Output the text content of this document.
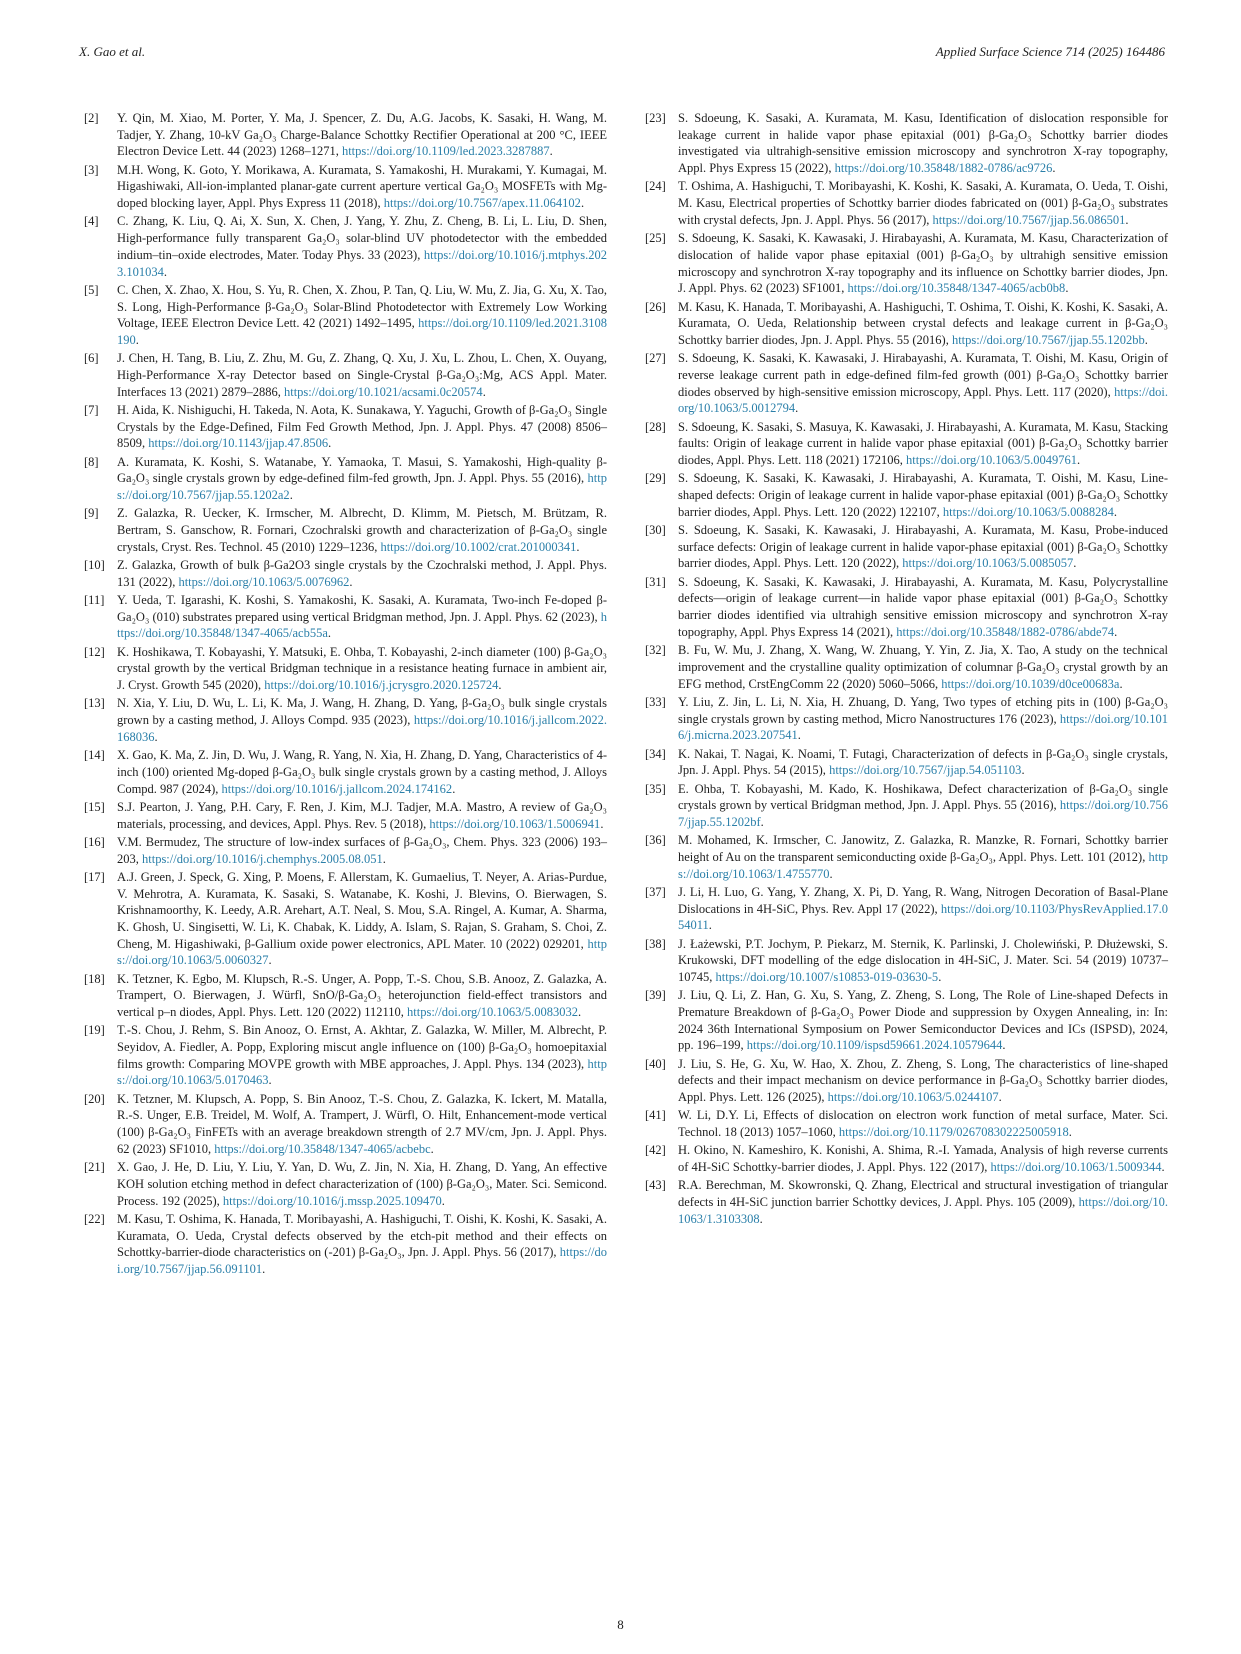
X. Gao et al.	Applied Surface Science 714 (2025) 164486
[2] Y. Qin, M. Xiao, M. Porter, Y. Ma, J. Spencer, Z. Du, A.G. Jacobs, K. Sasaki, H. Wang, M. Tadjer, Y. Zhang, 10-kV Ga₂O₃ Charge-Balance Schottky Rectifier Operational at 200 °C, IEEE Electron Device Lett. 44 (2023) 1268–1271, https://doi.org/10.1109/led.2023.3287887.
[3] M.H. Wong, K. Goto, Y. Morikawa, A. Kuramata, S. Yamakoshi, H. Murakami, Y. Kumagai, M. Higashiwaki, All-ion-implanted planar-gate current aperture vertical Ga₂O₃ MOSFETs with Mg-doped blocking layer, Appl. Phys Express 11 (2018), https://doi.org/10.7567/apex.11.064102.
[4] C. Zhang, K. Liu, Q. Ai, X. Sun, X. Chen, J. Yang, Y. Zhu, Z. Cheng, B. Li, L. Liu, D. Shen, High-performance fully transparent Ga₂O₃ solar-blind UV photodetector with the embedded indium–tin–oxide electrodes, Mater. Today Phys. 33 (2023), https://doi.org/10.1016/j.mtphys.2023.101034.
[5] C. Chen, X. Zhao, X. Hou, S. Yu, R. Chen, X. Zhou, P. Tan, Q. Liu, W. Mu, Z. Jia, G. Xu, X. Tao, S. Long, High-Performance β-Ga₂O₃ Solar-Blind Photodetector with Extremely Low Working Voltage, IEEE Electron Device Lett. 42 (2021) 1492–1495, https://doi.org/10.1109/led.2021.3108190.
[6] J. Chen, H. Tang, B. Liu, Z. Zhu, M. Gu, Z. Zhang, Q. Xu, J. Xu, L. Zhou, L. Chen, X. Ouyang, High-Performance X-ray Detector based on Single-Crystal β-Ga₂O₃:Mg, ACS Appl. Mater. Interfaces 13 (2021) 2879–2886, https://doi.org/10.1021/acsami.0c20574.
[7] H. Aida, K. Nishiguchi, H. Takeda, N. Aota, K. Sunakawa, Y. Yaguchi, Growth of β-Ga₂O₃ Single Crystals by the Edge-Defined, Film Fed Growth Method, Jpn. J. Appl. Phys. 47 (2008) 8506–8509, https://doi.org/10.1143/jjap.47.8506.
[8] A. Kuramata, K. Koshi, S. Watanabe, Y. Yamaoka, T. Masui, S. Yamakoshi, High-quality β-Ga₂O₃ single crystals grown by edge-defined film-fed growth, Jpn. J. Appl. Phys. 55 (2016), https://doi.org/10.7567/jjap.55.1202a2.
[9] Z. Galazka, R. Uecker, K. Irmscher, M. Albrecht, D. Klimm, M. Pietsch, M. Brützam, R. Bertram, S. Ganschow, R. Fornari, Czochralski growth and characterization of β-Ga₂O₃ single crystals, Cryst. Res. Technol. 45 (2010) 1229–1236, https://doi.org/10.1002/crat.201000341.
[10] Z. Galazka, Growth of bulk β-Ga2O3 single crystals by the Czochralski method, J. Appl. Phys. 131 (2022), https://doi.org/10.1063/5.0076962.
[11] Y. Ueda, T. Igarashi, K. Koshi, S. Yamakoshi, K. Sasaki, A. Kuramata, Two-inch Fe-doped β-Ga₂O₃ (010) substrates prepared using vertical Bridgman method, Jpn. J. Appl. Phys. 62 (2023), https://doi.org/10.35848/1347-4065/acb55a.
[12] K. Hoshikawa, T. Kobayashi, Y. Matsuki, E. Ohba, T. Kobayashi, 2-inch diameter (100) β-Ga₂O₃ crystal growth by the vertical Bridgman technique in a resistance heating furnace in ambient air, J. Cryst. Growth 545 (2020), https://doi.org/10.1016/j.jcrysgro.2020.125724.
[13] N. Xia, Y. Liu, D. Wu, L. Li, K. Ma, J. Wang, H. Zhang, D. Yang, β-Ga₂O₃ bulk single crystals grown by a casting method, J. Alloys Compd. 935 (2023), https://doi.org/10.1016/j.jallcom.2022.168036.
[14] X. Gao, K. Ma, Z. Jin, D. Wu, J. Wang, R. Yang, N. Xia, H. Zhang, D. Yang, Characteristics of 4-inch (100) oriented Mg-doped β-Ga₂O₃ bulk single crystals grown by a casting method, J. Alloys Compd. 987 (2024), https://doi.org/10.1016/j.jallcom.2024.174162.
[15] S.J. Pearton, J. Yang, P.H. Cary, F. Ren, J. Kim, M.J. Tadjer, M.A. Mastro, A review of Ga₂O₃ materials, processing, and devices, Appl. Phys. Rev. 5 (2018), https://doi.org/10.1063/1.5006941.
[16] V.M. Bermudez, The structure of low-index surfaces of β-Ga₂O₃, Chem. Phys. 323 (2006) 193–203, https://doi.org/10.1016/j.chemphys.2005.08.051.
[17] A.J. Green, J. Speck, G. Xing, P. Moens, F. Allerstam, K. Gumaelius, T. Neyer, A. Arias-Purdue, V. Mehrotra, A. Kuramata, K. Sasaki, S. Watanabe, K. Koshi, J. Blevins, O. Bierwagen, S. Krishnamoorthy, K. Leedy, A.R. Arehart, A.T. Neal, S. Mou, S.A. Ringel, A. Kumar, A. Sharma, K. Ghosh, U. Singisetti, W. Li, K. Chabak, K. Liddy, A. Islam, S. Rajan, S. Graham, S. Choi, Z. Cheng, M. Higashiwaki, β-Gallium oxide power electronics, APL Mater. 10 (2022) 029201, https://doi.org/10.1063/5.0060327.
[18] K. Tetzner, K. Egbo, M. Klupsch, R.-S. Unger, A. Popp, T.-S. Chou, S.B. Anooz, Z. Galazka, A. Trampert, O. Bierwagen, J. Würfl, SnO/β-Ga₂O₃ heterojunction field-effect transistors and vertical p–n diodes, Appl. Phys. Lett. 120 (2022) 112110, https://doi.org/10.1063/5.0083032.
[19] T.-S. Chou, J. Rehm, S. Bin Anooz, O. Ernst, A. Akhtar, Z. Galazka, W. Miller, M. Albrecht, P. Seyidov, A. Fiedler, A. Popp, Exploring miscut angle influence on (100) β-Ga₂O₃ homoepitaxial films growth: Comparing MOVPE growth with MBE approaches, J. Appl. Phys. 134 (2023), https://doi.org/10.1063/5.0170463.
[20] K. Tetzner, M. Klupsch, A. Popp, S. Bin Anooz, T.-S. Chou, Z. Galazka, K. Ickert, M. Matalla, R.-S. Unger, E.B. Treidel, M. Wolf, A. Trampert, J. Würfl, O. Hilt, Enhancement-mode vertical (100) β-Ga₂O₃ FinFETs with an average breakdown strength of 2.7 MV/cm, Jpn. J. Appl. Phys. 62 (2023) SF1010, https://doi.org/10.35848/1347-4065/acbebc.
[21] X. Gao, J. He, D. Liu, Y. Liu, Y. Yan, D. Wu, Z. Jin, N. Xia, H. Zhang, D. Yang, An effective KOH solution etching method in defect characterization of (100) β-Ga₂O₃, Mater. Sci. Semicond. Process. 192 (2025), https://doi.org/10.1016/j.mssp.2025.109470.
[22] M. Kasu, T. Oshima, K. Hanada, T. Moribayashi, A. Hashiguchi, T. Oishi, K. Koshi, K. Sasaki, A. Kuramata, O. Ueda, Crystal defects observed by the etch-pit method and their effects on Schottky-barrier-diode characteristics on (-201) β-Ga₂O₃, Jpn. J. Appl. Phys. 56 (2017), https://doi.org/10.7567/jjap.56.091101.
[23] S. Sdoeung, K. Sasaki, A. Kuramata, M. Kasu, Identification of dislocation responsible for leakage current in halide vapor phase epitaxial (001) β-Ga₂O₃ Schottky barrier diodes investigated via ultrahigh-sensitive emission microscopy and synchrotron X-ray topography, Appl. Phys Express 15 (2022), https://doi.org/10.35848/1882-0786/ac9726.
[24] T. Oshima, A. Hashiguchi, T. Moribayashi, K. Koshi, K. Sasaki, A. Kuramata, O. Ueda, T. Oishi, M. Kasu, Electrical properties of Schottky barrier diodes fabricated on (001) β-Ga₂O₃ substrates with crystal defects, Jpn. J. Appl. Phys. 56 (2017), https://doi.org/10.7567/jjap.56.086501.
[25] S. Sdoeung, K. Sasaki, K. Kawasaki, J. Hirabayashi, A. Kuramata, M. Kasu, Characterization of dislocation of halide vapor phase epitaxial (001) β-Ga₂O₃ by ultrahigh sensitive emission microscopy and synchrotron X-ray topography and its influence on Schottky barrier diodes, Jpn. J. Appl. Phys. 62 (2023) SF1001, https://doi.org/10.35848/1347-4065/acb0b8.
[26] M. Kasu, K. Hanada, T. Moribayashi, A. Hashiguchi, T. Oshima, T. Oishi, K. Koshi, K. Sasaki, A. Kuramata, O. Ueda, Relationship between crystal defects and leakage current in β-Ga₂O₃ Schottky barrier diodes, Jpn. J. Appl. Phys. 55 (2016), https://doi.org/10.7567/jjap.55.1202bb.
[27] S. Sdoeung, K. Sasaki, K. Kawasaki, J. Hirabayashi, A. Kuramata, T. Oishi, M. Kasu, Origin of reverse leakage current path in edge-defined film-fed growth (001) β-Ga₂O₃ Schottky barrier diodes observed by high-sensitive emission microscopy, Appl. Phys. Lett. 117 (2020), https://doi.org/10.1063/5.0012794.
[28] S. Sdoeung, K. Sasaki, S. Masuya, K. Kawasaki, J. Hirabayashi, A. Kuramata, M. Kasu, Stacking faults: Origin of leakage current in halide vapor phase epitaxial (001) β-Ga₂O₃ Schottky barrier diodes, Appl. Phys. Lett. 118 (2021) 172106, https://doi.org/10.1063/5.0049761.
[29] S. Sdoeung, K. Sasaki, K. Kawasaki, J. Hirabayashi, A. Kuramata, T. Oishi, M. Kasu, Line-shaped defects: Origin of leakage current in halide vapor-phase epitaxial (001) β-Ga₂O₃ Schottky barrier diodes, Appl. Phys. Lett. 120 (2022) 122107, https://doi.org/10.1063/5.0088284.
[30] S. Sdoeung, K. Sasaki, K. Kawasaki, J. Hirabayashi, A. Kuramata, M. Kasu, Probe-induced surface defects: Origin of leakage current in halide vapor-phase epitaxial (001) β-Ga₂O₃ Schottky barrier diodes, Appl. Phys. Lett. 120 (2022), https://doi.org/10.1063/5.0085057.
[31] S. Sdoeung, K. Sasaki, K. Kawasaki, J. Hirabayashi, A. Kuramata, M. Kasu, Polycrystalline defects—origin of leakage current—in halide vapor phase epitaxial (001) β-Ga₂O₃ Schottky barrier diodes identified via ultrahigh sensitive emission microscopy and synchrotron X-ray topography, Appl. Phys Express 14 (2021), https://doi.org/10.35848/1882-0786/abde74.
[32] B. Fu, W. Mu, J. Zhang, X. Wang, W. Zhuang, Y. Yin, Z. Jia, X. Tao, A study on the technical improvement and the crystalline quality optimization of columnar β-Ga₂O₃ crystal growth by an EFG method, CrstEngComm 22 (2020) 5060–5066, https://doi.org/10.1039/d0ce00683a.
[33] Y. Liu, Z. Jin, L. Li, N. Xia, H. Zhuang, D. Yang, Two types of etching pits in (100) β-Ga₂O₃ single crystals grown by casting method, Micro Nanostructures 176 (2023), https://doi.org/10.1016/j.micrna.2023.207541.
[34] K. Nakai, T. Nagai, K. Noami, T. Futagi, Characterization of defects in β-Ga₂O₃ single crystals, Jpn. J. Appl. Phys. 54 (2015), https://doi.org/10.7567/jjap.54.051103.
[35] E. Ohba, T. Kobayashi, M. Kado, K. Hoshikawa, Defect characterization of β-Ga₂O₃ single crystals grown by vertical Bridgman method, Jpn. J. Appl. Phys. 55 (2016), https://doi.org/10.7567/jjap.55.1202bf.
[36] M. Mohamed, K. Irmscher, C. Janowitz, Z. Galazka, R. Manzke, R. Fornari, Schottky barrier height of Au on the transparent semiconducting oxide β-Ga₂O₃, Appl. Phys. Lett. 101 (2012), https://doi.org/10.1063/1.4755770.
[37] J. Li, H. Luo, G. Yang, Y. Zhang, X. Pi, D. Yang, R. Wang, Nitrogen Decoration of Basal-Plane Dislocations in 4H-SiC, Phys. Rev. Appl 17 (2022), https://doi.org/10.1103/PhysRevApplied.17.054011.
[38] J. Łażewski, P.T. Jochym, P. Piekarz, M. Sternik, K. Parlinski, J. Cholewiński, P. Dłużewski, S. Krukowski, DFT modelling of the edge dislocation in 4H-SiC, J. Mater. Sci. 54 (2019) 10737–10745, https://doi.org/10.1007/s10853-019-03630-5.
[39] J. Liu, Q. Li, Z. Han, G. Xu, S. Yang, Z. Zheng, S. Long, The Role of Line-shaped Defects in Premature Breakdown of β-Ga₂O₃ Power Diode and suppression by Oxygen Annealing, in: In: 2024 36th International Symposium on Power Semiconductor Devices and ICs (ISPSD), 2024, pp. 196–199, https://doi.org/10.1109/ispsd59661.2024.10579644.
[40] J. Liu, S. He, G. Xu, W. Hao, X. Zhou, Z. Zheng, S. Long, The characteristics of line-shaped defects and their impact mechanism on device performance in β-Ga₂O₃ Schottky barrier diodes, Appl. Phys. Lett. 126 (2025), https://doi.org/10.1063/5.0244107.
[41] W. Li, D.Y. Li, Effects of dislocation on electron work function of metal surface, Mater. Sci. Technol. 18 (2013) 1057–1060, https://doi.org/10.1179/026708302225005918.
[42] H. Okino, N. Kameshiro, K. Konishi, A. Shima, R.-I. Yamada, Analysis of high reverse currents of 4H-SiC Schottky-barrier diodes, J. Appl. Phys. 122 (2017), https://doi.org/10.1063/1.5009344.
[43] R.A. Berechman, M. Skowronski, Q. Zhang, Electrical and structural investigation of triangular defects in 4H-SiC junction barrier Schottky devices, J. Appl. Phys. 105 (2009), https://doi.org/10.1063/1.3103308.
8
